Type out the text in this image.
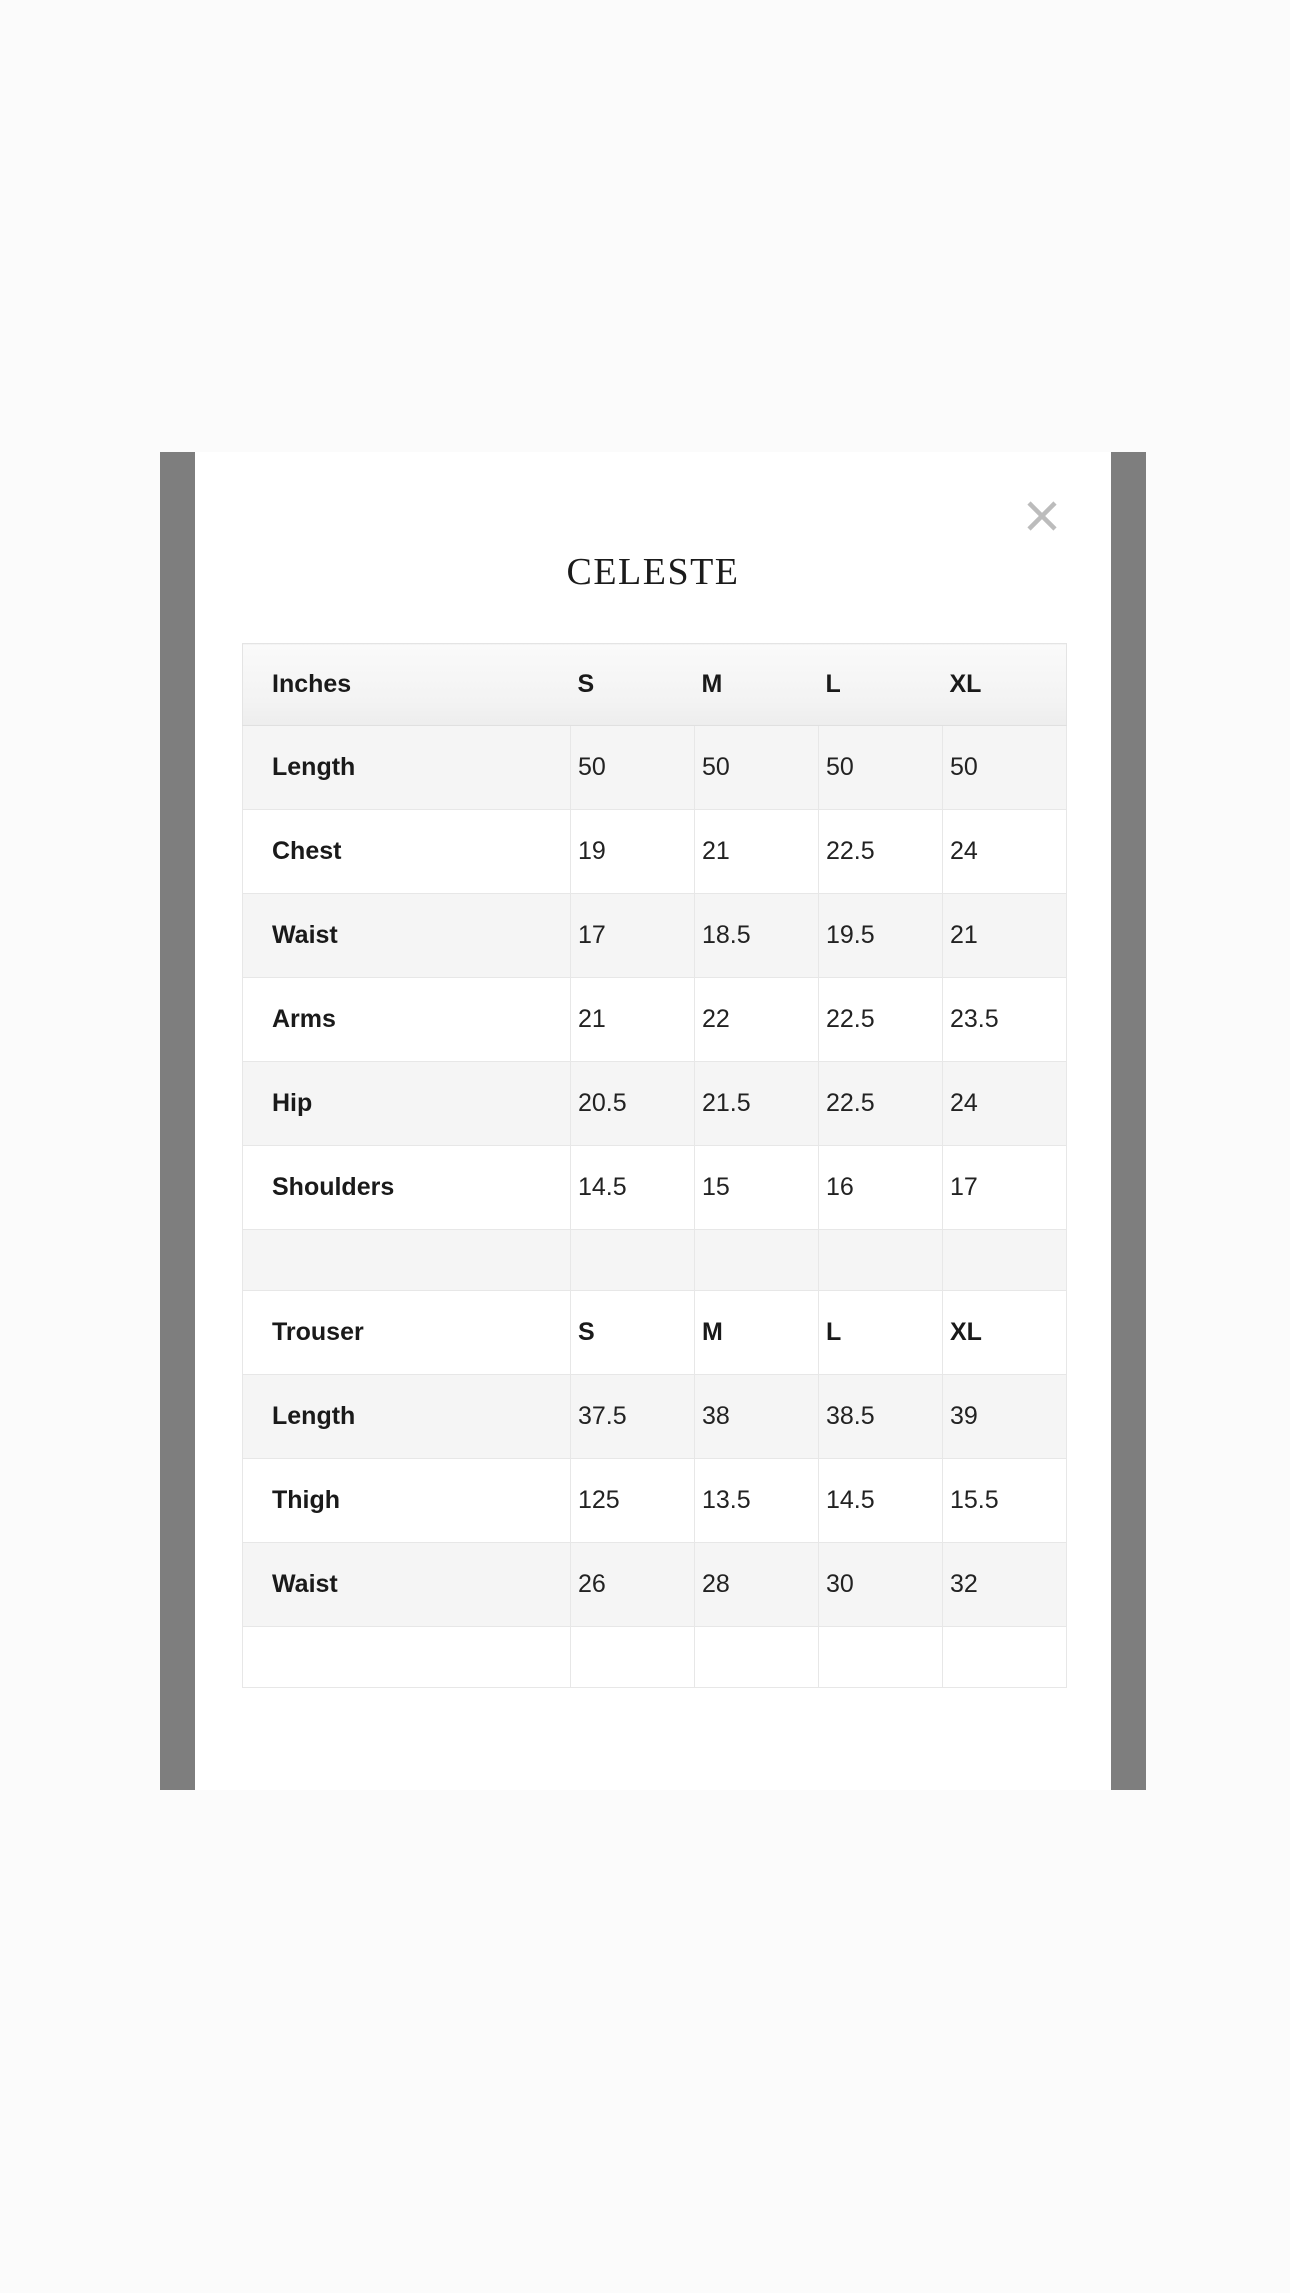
CELESTE
Inches	S	M	L	XL
Length	50	50	50	50
Chest	19	21	22.5	24
Waist	17	18.5	19.5	21
Arms	21	22	22.5	23.5
Hip	20.5	21.5	22.5	24
Shoulders	14.5	15	16	17

Trouser	S	M	L	XL
Length	37.5	38	38.5	39
Thigh	125	13.5	14.5	15.5
Waist	26	28	30	32
